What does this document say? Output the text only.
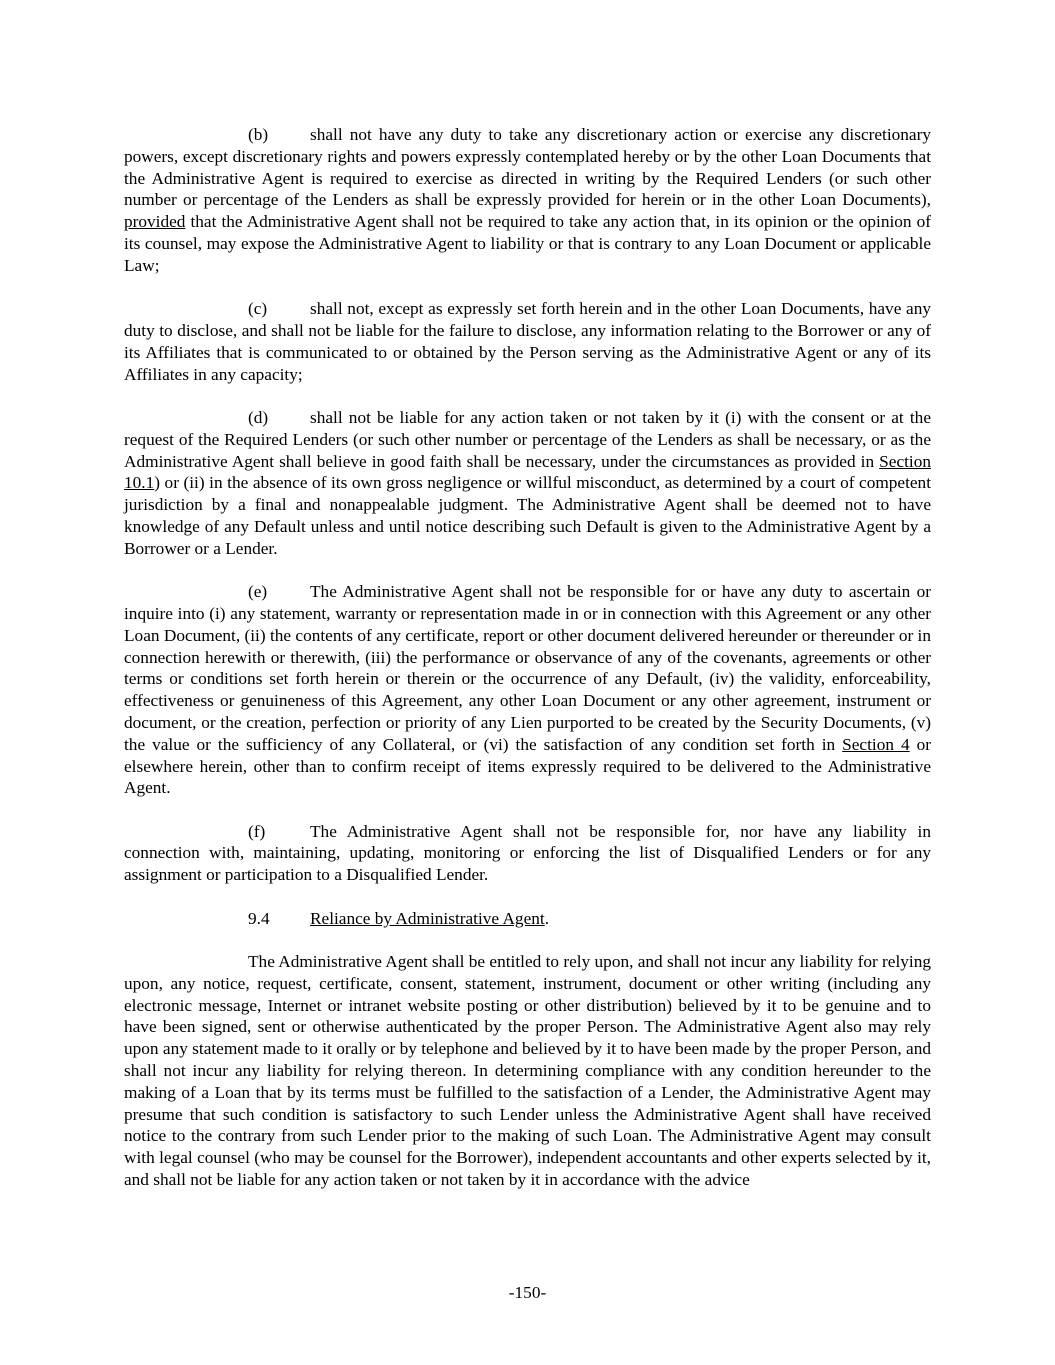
(b) shall not have any duty to take any discretionary action or exercise any discretionary powers, except discretionary rights and powers expressly contemplated hereby or by the other Loan Documents that the Administrative Agent is required to exercise as directed in writing by the Required Lenders (or such other number or percentage of the Lenders as shall be expressly provided for herein or in the other Loan Documents), provided that the Administrative Agent shall not be required to take any action that, in its opinion or the opinion of its counsel, may expose the Administrative Agent to liability or that is contrary to any Loan Document or applicable Law;

(c) shall not, except as expressly set forth herein and in the other Loan Documents, have any duty to disclose, and shall not be liable for the failure to disclose, any information relating to the Borrower or any of its Affiliates that is communicated to or obtained by the Person serving as the Administrative Agent or any of its Affiliates in any capacity;

(d) shall not be liable for any action taken or not taken by it (i) with the consent or at the request of the Required Lenders (or such other number or percentage of the Lenders as shall be necessary, or as the Administrative Agent shall believe in good faith shall be necessary, under the circumstances as provided in Section 10.1) or (ii) in the absence of its own gross negligence or willful misconduct, as determined by a court of competent jurisdiction by a final and nonappealable judgment. The Administrative Agent shall be deemed not to have knowledge of any Default unless and until notice describing such Default is given to the Administrative Agent by a Borrower or a Lender.

(e) The Administrative Agent shall not be responsible for or have any duty to ascertain or inquire into (i) any statement, warranty or representation made in or in connection with this Agreement or any other Loan Document, (ii) the contents of any certificate, report or other document delivered hereunder or thereunder or in connection herewith or therewith, (iii) the performance or observance of any of the covenants, agreements or other terms or conditions set forth herein or therein or the occurrence of any Default, (iv) the validity, enforceability, effectiveness or genuineness of this Agreement, any other Loan Document or any other agreement, instrument or document, or the creation, perfection or priority of any Lien purported to be created by the Security Documents, (v) the value or the sufficiency of any Collateral, or (vi) the satisfaction of any condition set forth in Section 4 or elsewhere herein, other than to confirm receipt of items expressly required to be delivered to the Administrative Agent.

(f)	The Administrative Agent shall not be responsible for, nor have any liability in connection with, maintaining, updating, monitoring or enforcing the list of Disqualified Lenders or for any assignment or participation to a Disqualified Lender.

9.4 Reliance by Administrative Agent.

The Administrative Agent shall be entitled to rely upon, and shall not incur any liability for relying upon, any notice, request, certificate, consent, statement, instrument, document or other writing (including any electronic message, Internet or intranet website posting or other distribution) believed by it to be genuine and to have been signed, sent or otherwise authenticated by the proper Person. The Administrative Agent also may rely upon any statement made to it orally or by telephone and believed by it to have been made by the proper Person, and shall not incur any liability for relying thereon. In determining compliance with any condition hereunder to the making of a Loan that by its terms must be fulfilled to the satisfaction of a Lender, the Administrative Agent may presume that such condition is satisfactory to such Lender unless the Administrative Agent shall have received notice to the contrary from such Lender prior to the making of such Loan. The Administrative Agent may consult with legal counsel (who may be counsel for the Borrower), independent accountants and other experts selected by it, and shall not be liable for any action taken or not taken by it in accordance with the advice

-150-
